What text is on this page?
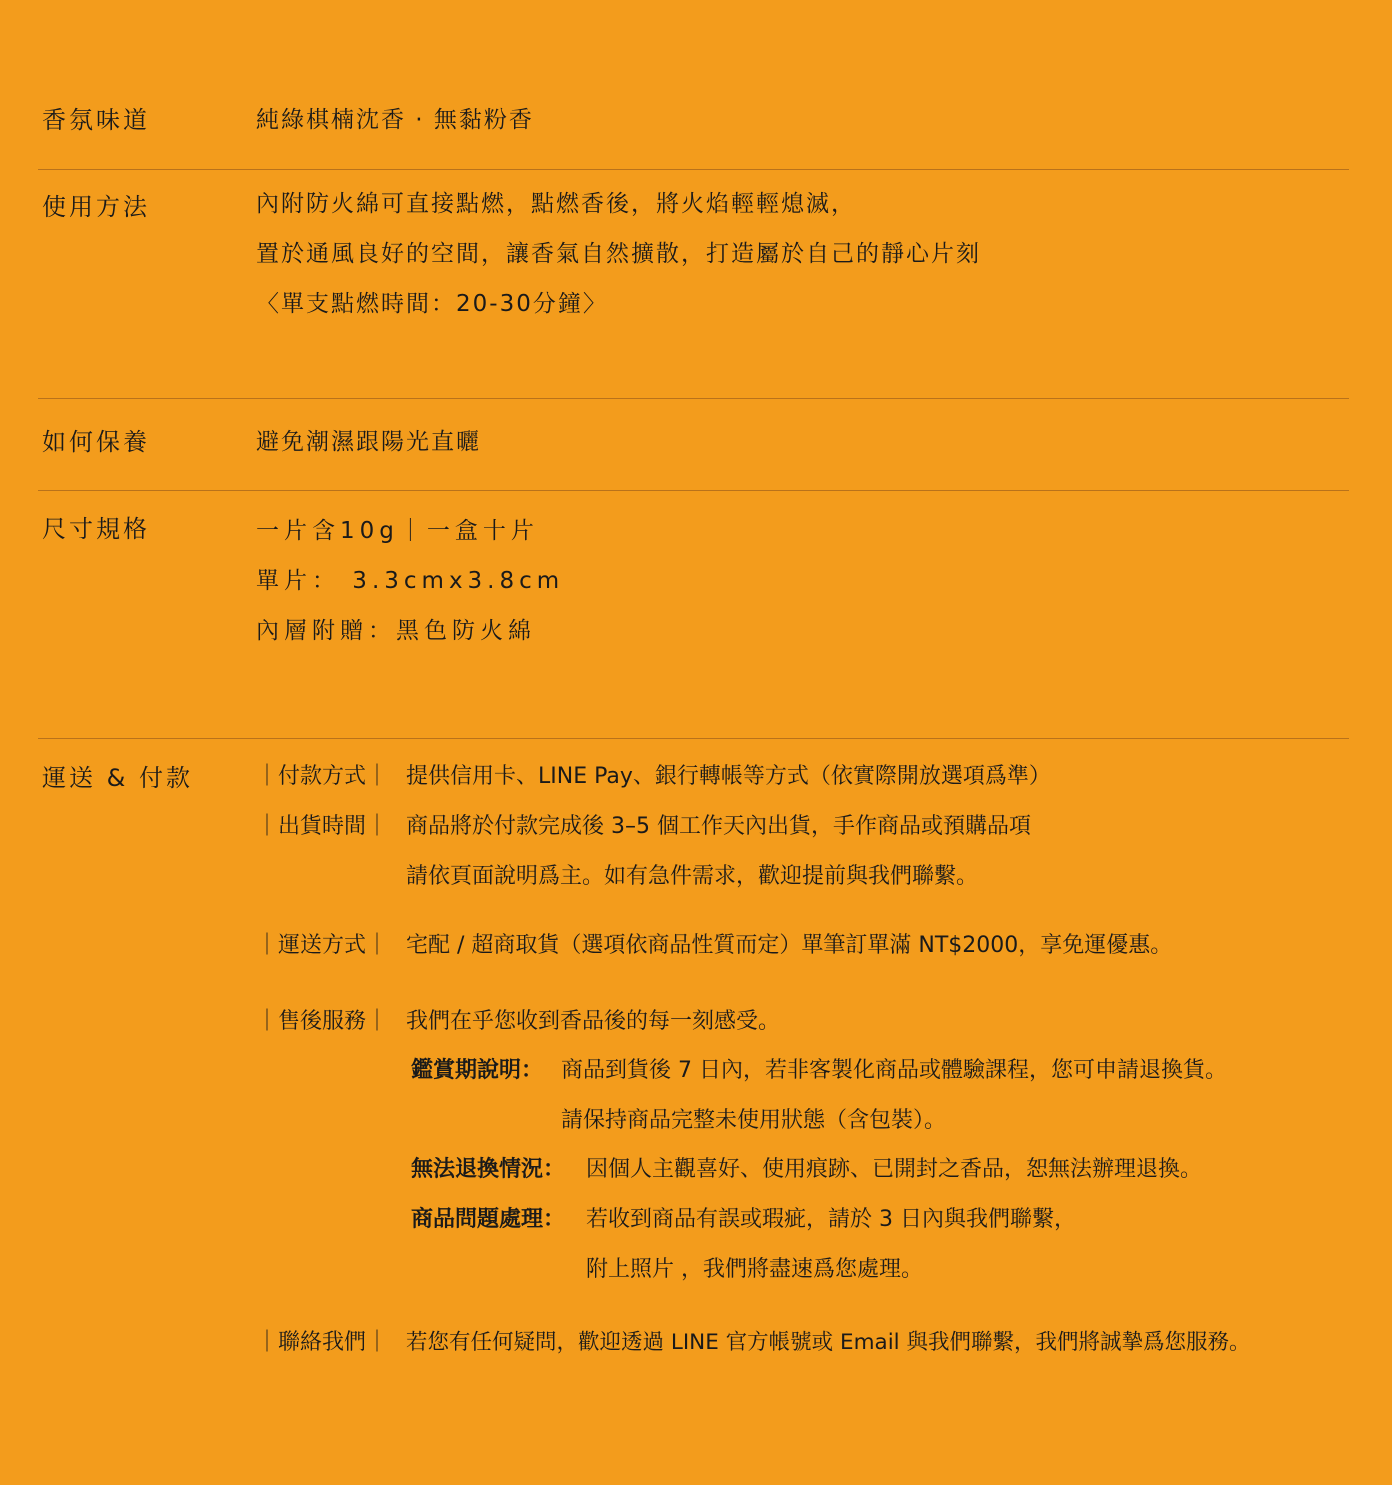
香氛味道	純綠棋楠沈香 · 無黏粉香
使用方法	內附防火綿可直接點燃，點燃香後，將火焰輕輕熄滅，
置於通風良好的空間，讓香氣自然擴散，打造屬於自己的靜心片刻
〈單支點燃時間：20-30分鐘〉
如何保養	避免潮濕跟陽光直曬
尺寸規格	一片含10g｜一盒十片
單片： 3.3cmx3.8cm
內層附贈：黑色防火綿
運送 & 付款	｜付款方式｜ 提供信用卡、LINE Pay、銀行轉帳等方式（依實際開放選項爲準）
｜出貨時間｜ 商品將於付款完成後 3–5 個工作天內出貨，手作商品或預購品項
請依頁面說明爲主。如有急件需求，歡迎提前與我們聯繫。
｜運送方式｜ 宅配 / 超商取貨（選項依商品性質而定）單筆訂單滿 NT$2000，享免運優惠。
｜售後服務｜ 我們在乎您收到香品後的每一刻感受。
鑑賞期說明： 商品到貨後 7 日內，若非客製化商品或體驗課程，您可申請退換貨。
請保持商品完整未使用狀態（含包裝）。
無法退換情況： 因個人主觀喜好、使用痕跡、已開封之香品，恕無法辦理退換。
商品問題處理： 若收到商品有誤或瑕疵，請於 3 日內與我們聯繫，
附上照片 ，我們將盡速爲您處理。
｜聯絡我們｜ 若您有任何疑問，歡迎透過 LINE 官方帳號或 Email 與我們聯繫，我們將誠摯爲您服務。
